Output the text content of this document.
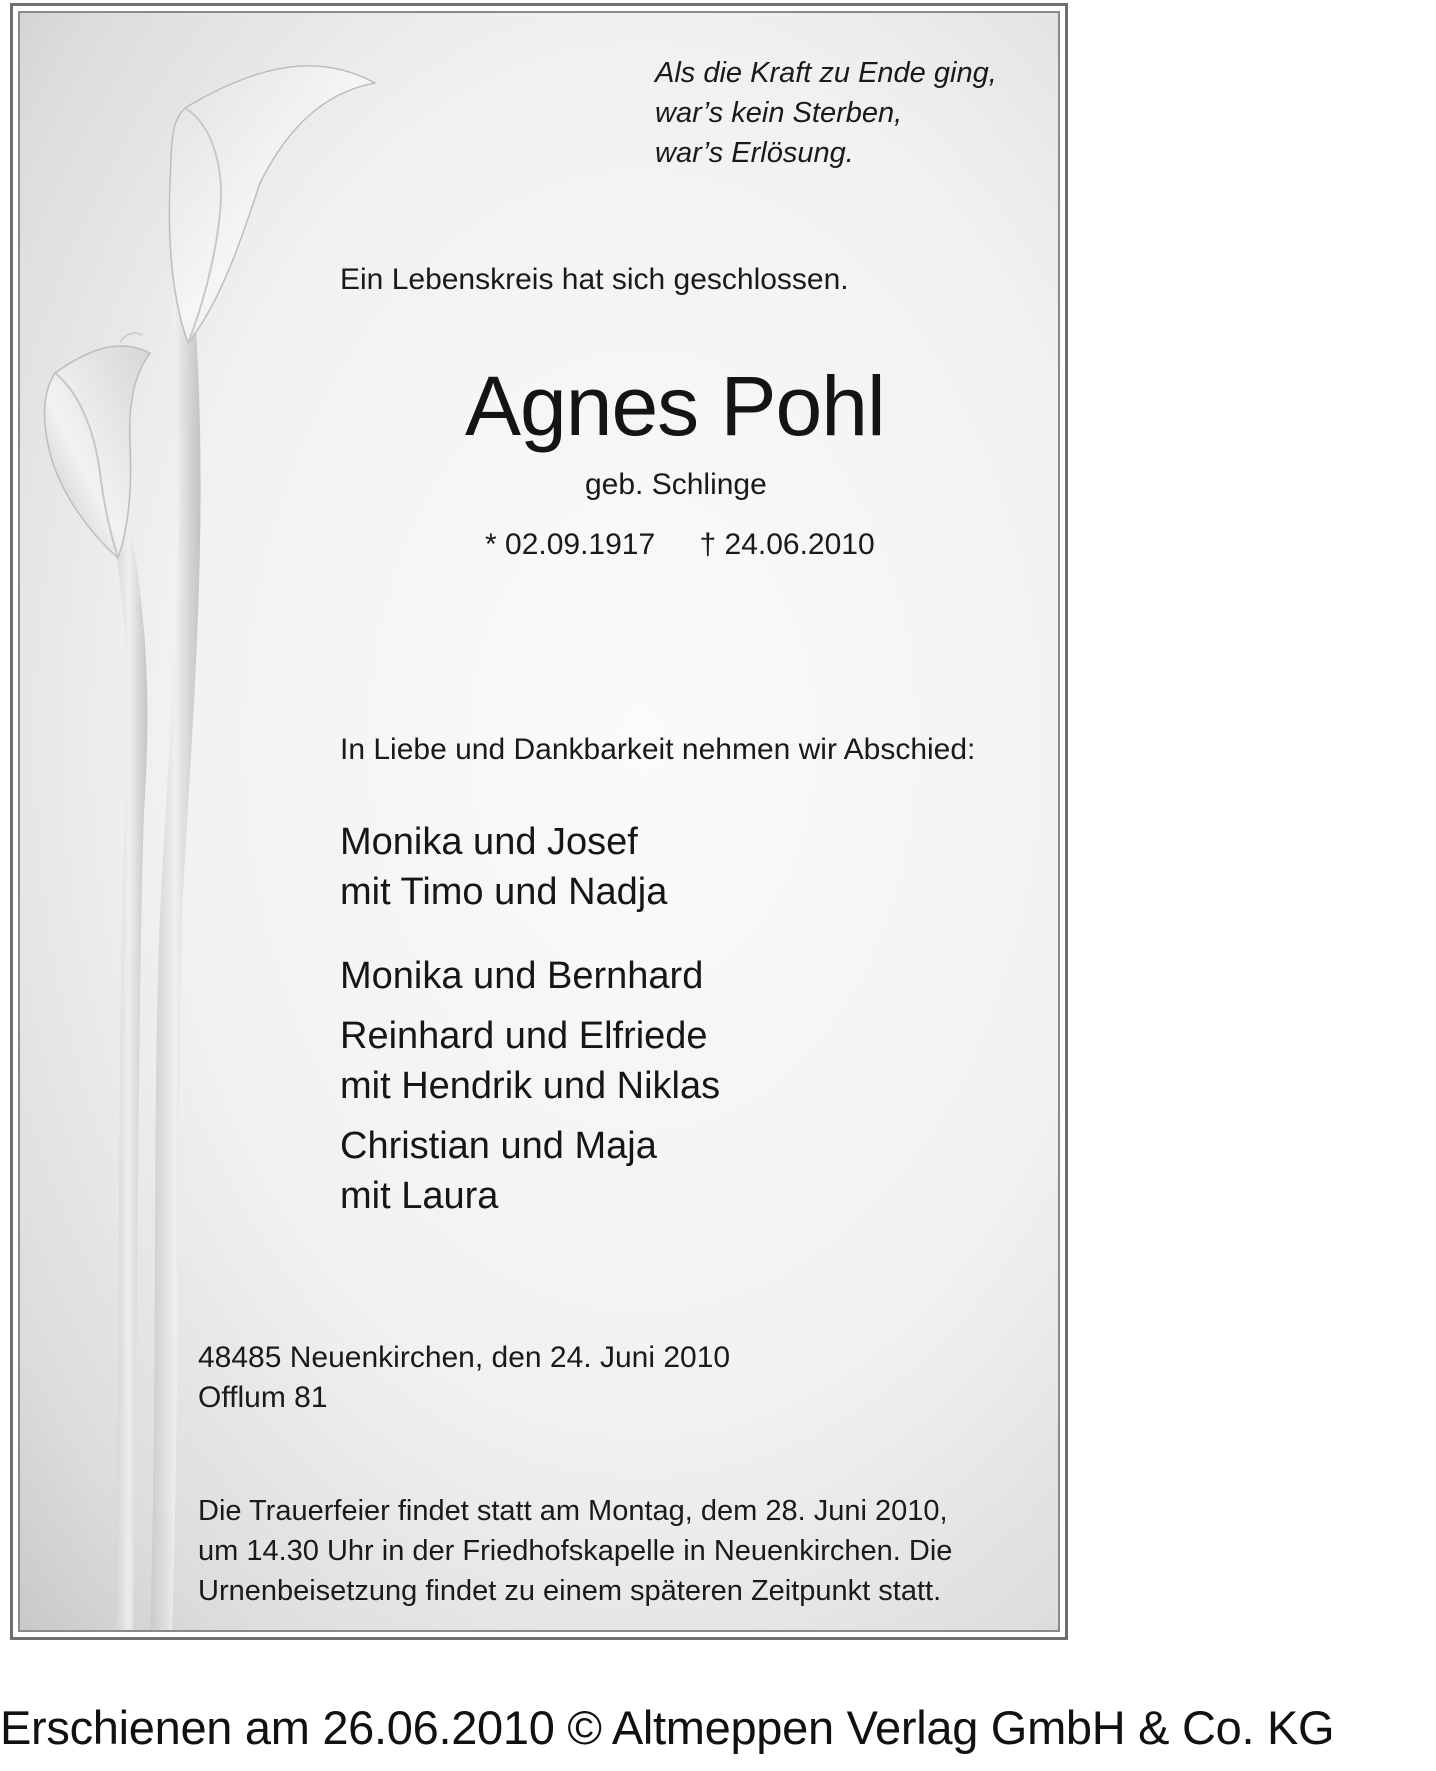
Als die Kraft zu Ende ging,
war’s kein Sterben,
war’s Erlösung.
Ein Lebenskreis hat sich geschlossen.
Agnes Pohl
geb. Schlinge
* 02.09.1917 † 24.06.2010
In Liebe und Dankbarkeit nehmen wir Abschied:
Monika und Josef
mit Timo und Nadja
Monika und Bernhard
Reinhard und Elfriede
mit Hendrik und Niklas
Christian und Maja
mit Laura
48485 Neuenkirchen, den 24. Juni 2010
Offlum 81
Die Trauerfeier findet statt am Montag, dem 28. Juni 2010,
um 14.30 Uhr in der Friedhofskapelle in Neuenkirchen. Die
Urnenbeisetzung findet zu einem späteren Zeitpunkt statt.
Erschienen am 26.06.2010 © Altmeppen Verlag GmbH & Co. KG
